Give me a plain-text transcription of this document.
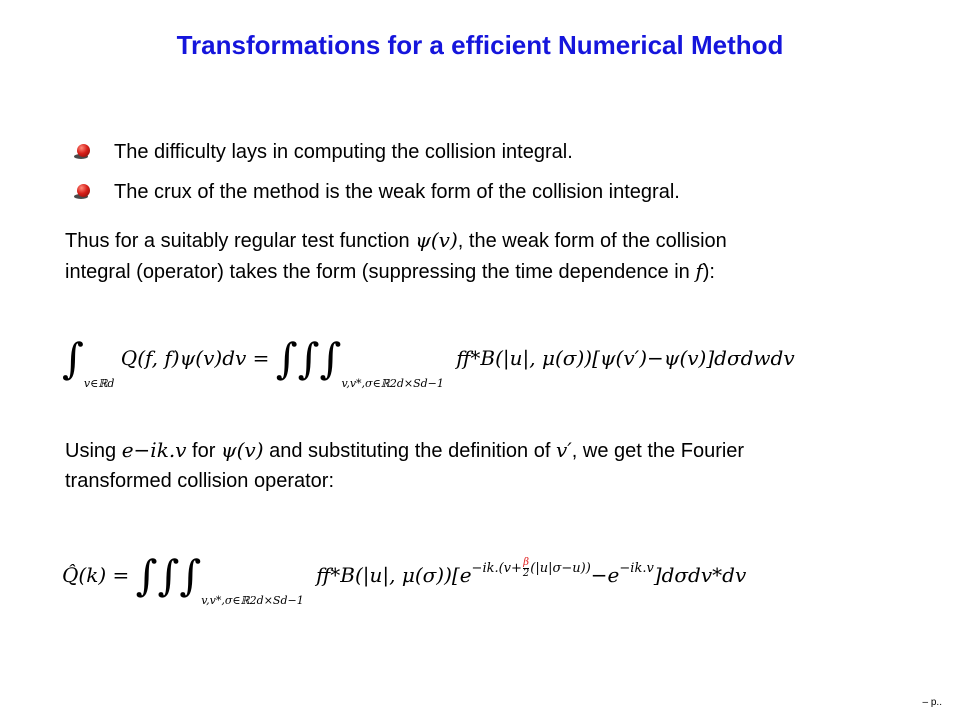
Transformations for a efficient Numerical Method
The difficulty lays in computing the collision integral.
The crux of the method is the weak form of the collision integral.
Thus for a suitably regular test function ψ(v), the weak form of the collision
integral (operator) takes the form (suppressing the time dependence in f):
∫v∈ℝd Q(f, f)ψ(v)dv = ∫∫∫v,v*,σ∈ℝ2d×Sd−1 ff*B(|u|, μ(σ))[ψ(v′)−ψ(v)]dσdwdv
Using e−ik.v for ψ(v) and substituting the definition of v′, we get the Fourier
transformed collision operator:
Q̂(k) = ∫∫∫v,v*,σ∈ℝ2d×Sd−1 ff*B(|u|, $\mu(\sigma))[e-ik.(v+ \frac{\beta}{2} (|u|\sigma-u))-e-ik.v]d\sigma dv*dv$
– p..
